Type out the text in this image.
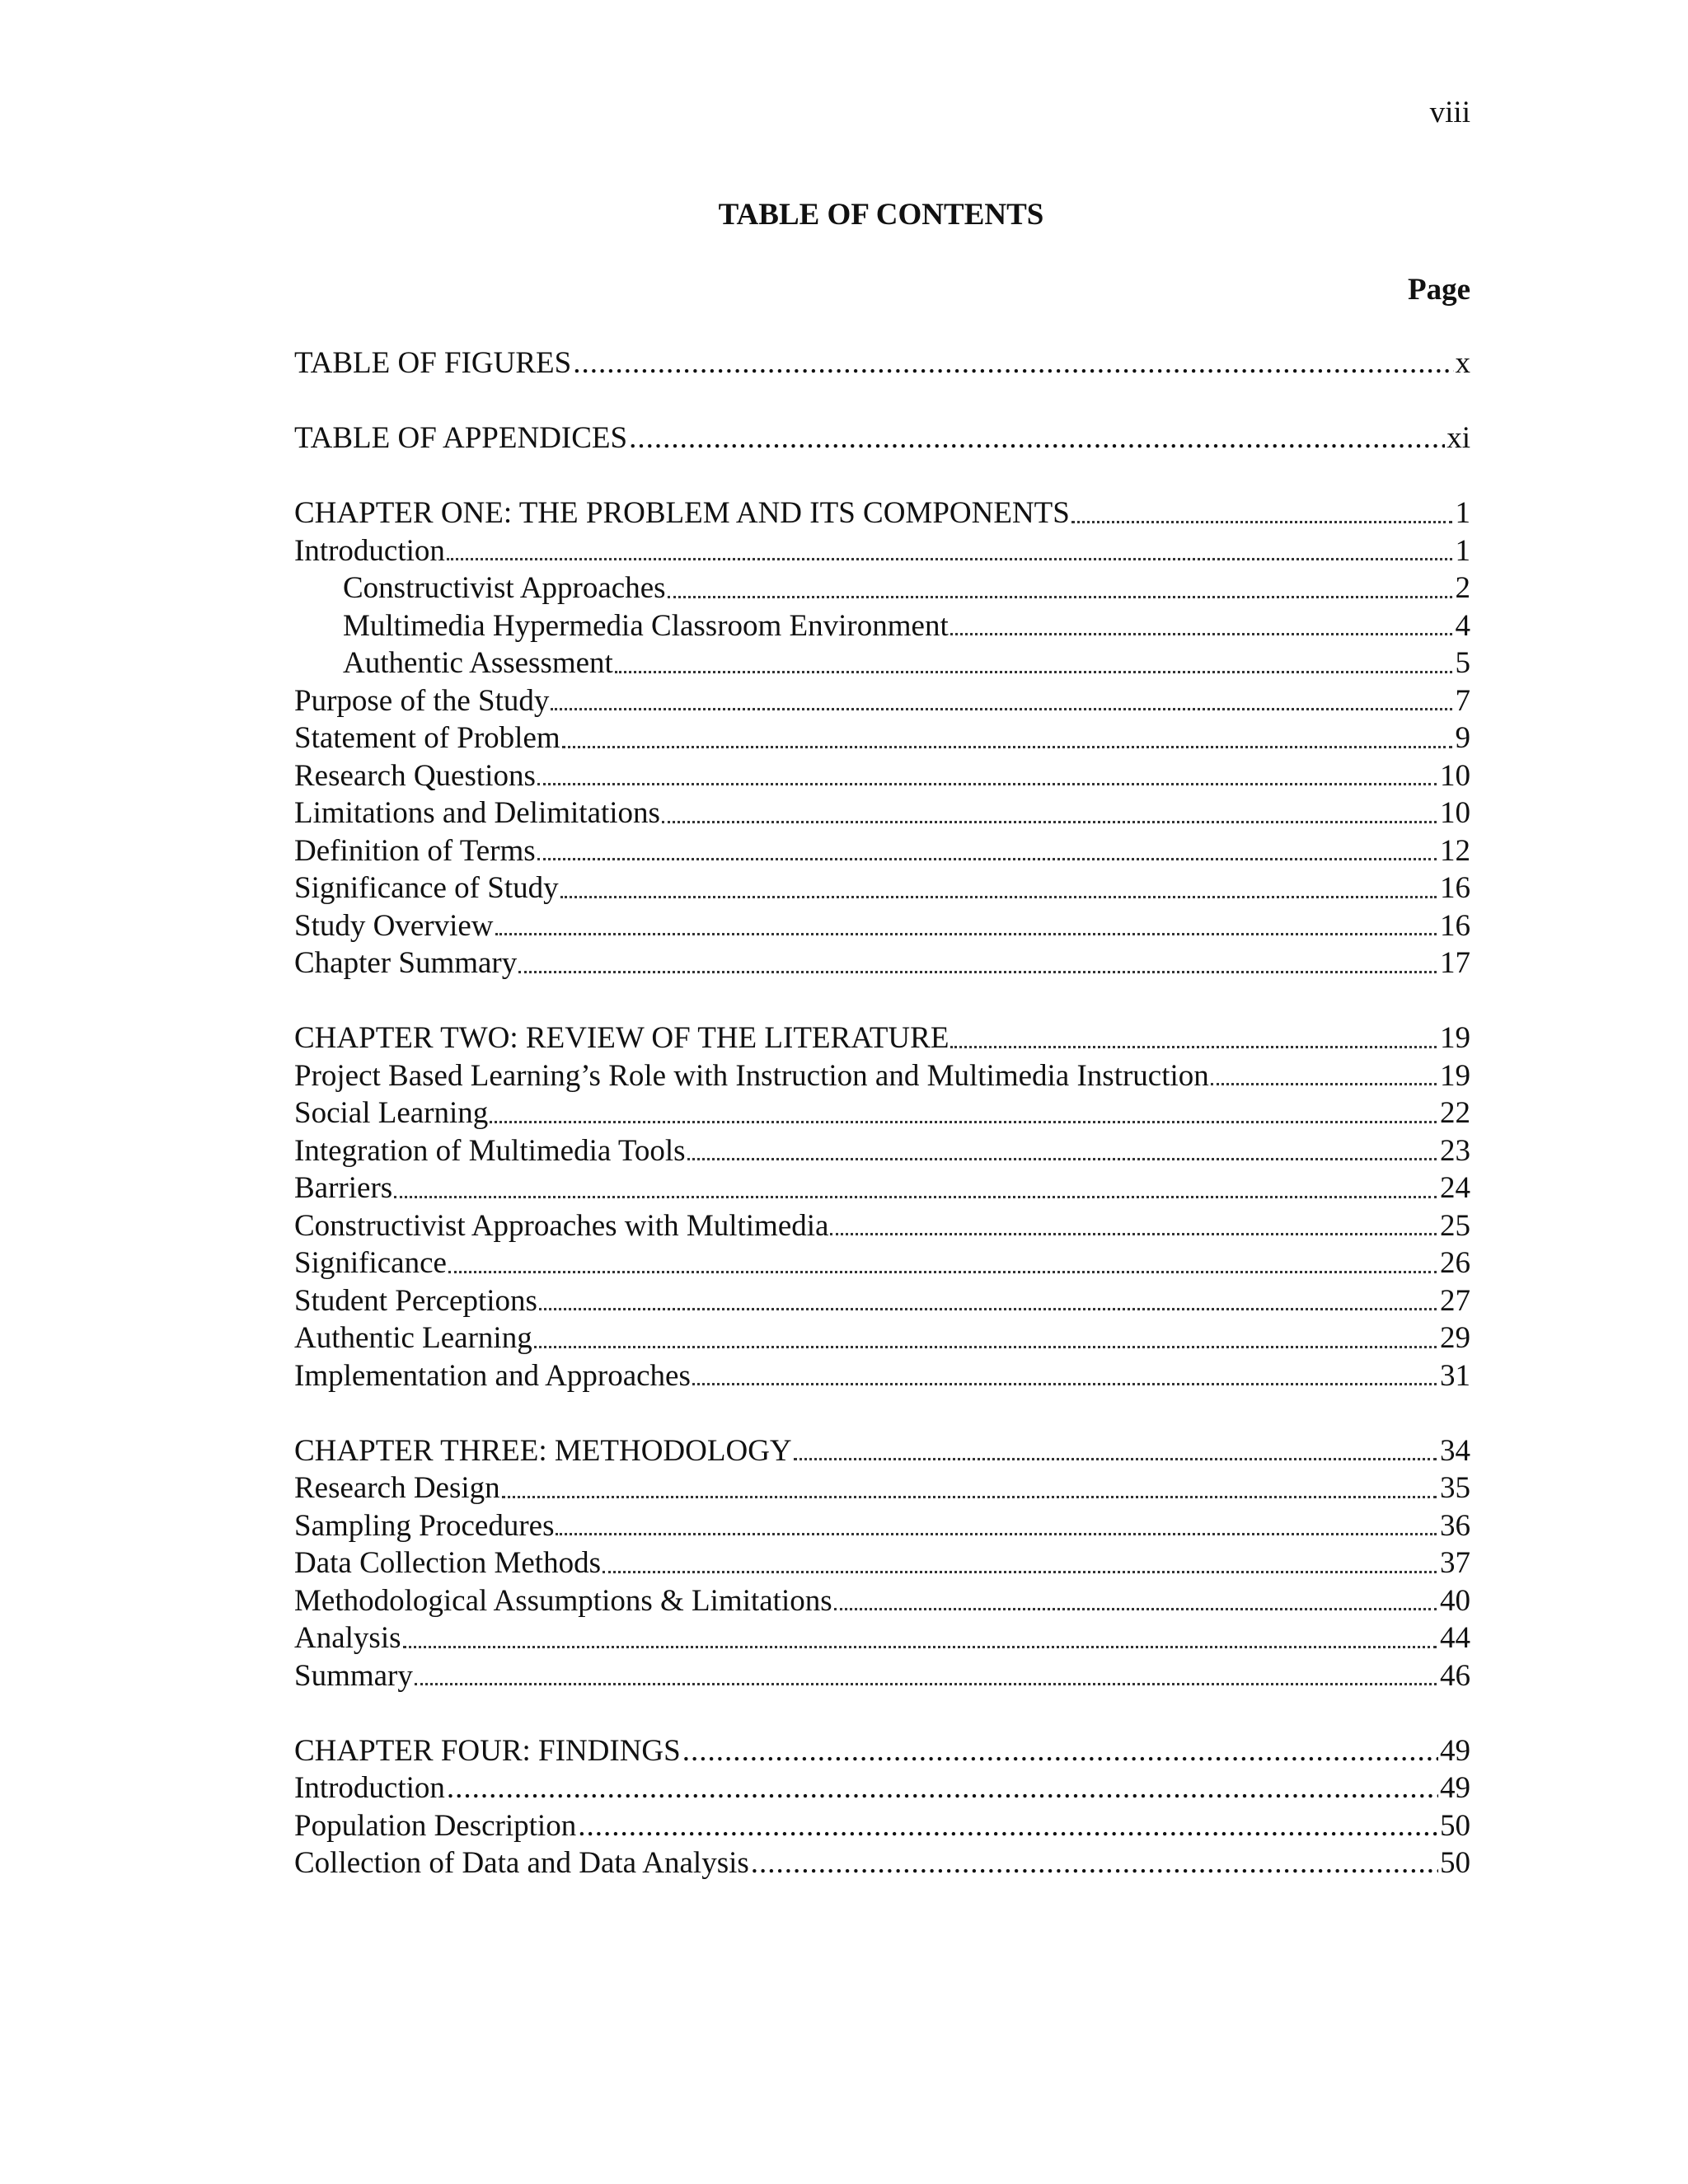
viii
TABLE OF CONTENTS
Page
TABLE OF FIGURES .....	x
TABLE OF APPENDICES .....	xi
CHAPTER ONE: THE PROBLEM AND ITS COMPONENTS	1
Introduction	1
Constructivist Approaches	2
Multimedia Hypermedia Classroom Environment	4
Authentic Assessment	5
Purpose of the Study	7
Statement of Problem	9
Research Questions	10
Limitations and Delimitations	10
Definition of Terms	12
Significance of Study	16
Study Overview	16
Chapter Summary	17
CHAPTER TWO: REVIEW OF THE LITERATURE	19
Project Based Learning’s Role with Instruction and Multimedia Instruction	19
Social Learning	22
Integration of Multimedia Tools	23
Barriers	24
Constructivist Approaches with Multimedia	25
Significance	26
Student Perceptions	27
Authentic Learning	29
Implementation and Approaches	31
CHAPTER THREE: METHODOLOGY	34
Research Design	35
Sampling Procedures	36
Data Collection Methods	37
Methodological Assumptions & Limitations	40
Analysis	44
Summary	46
CHAPTER FOUR: FINDINGS .....	49
Introduction .....	49
Population Description .....	50
Collection of Data and Data Analysis .....	50
